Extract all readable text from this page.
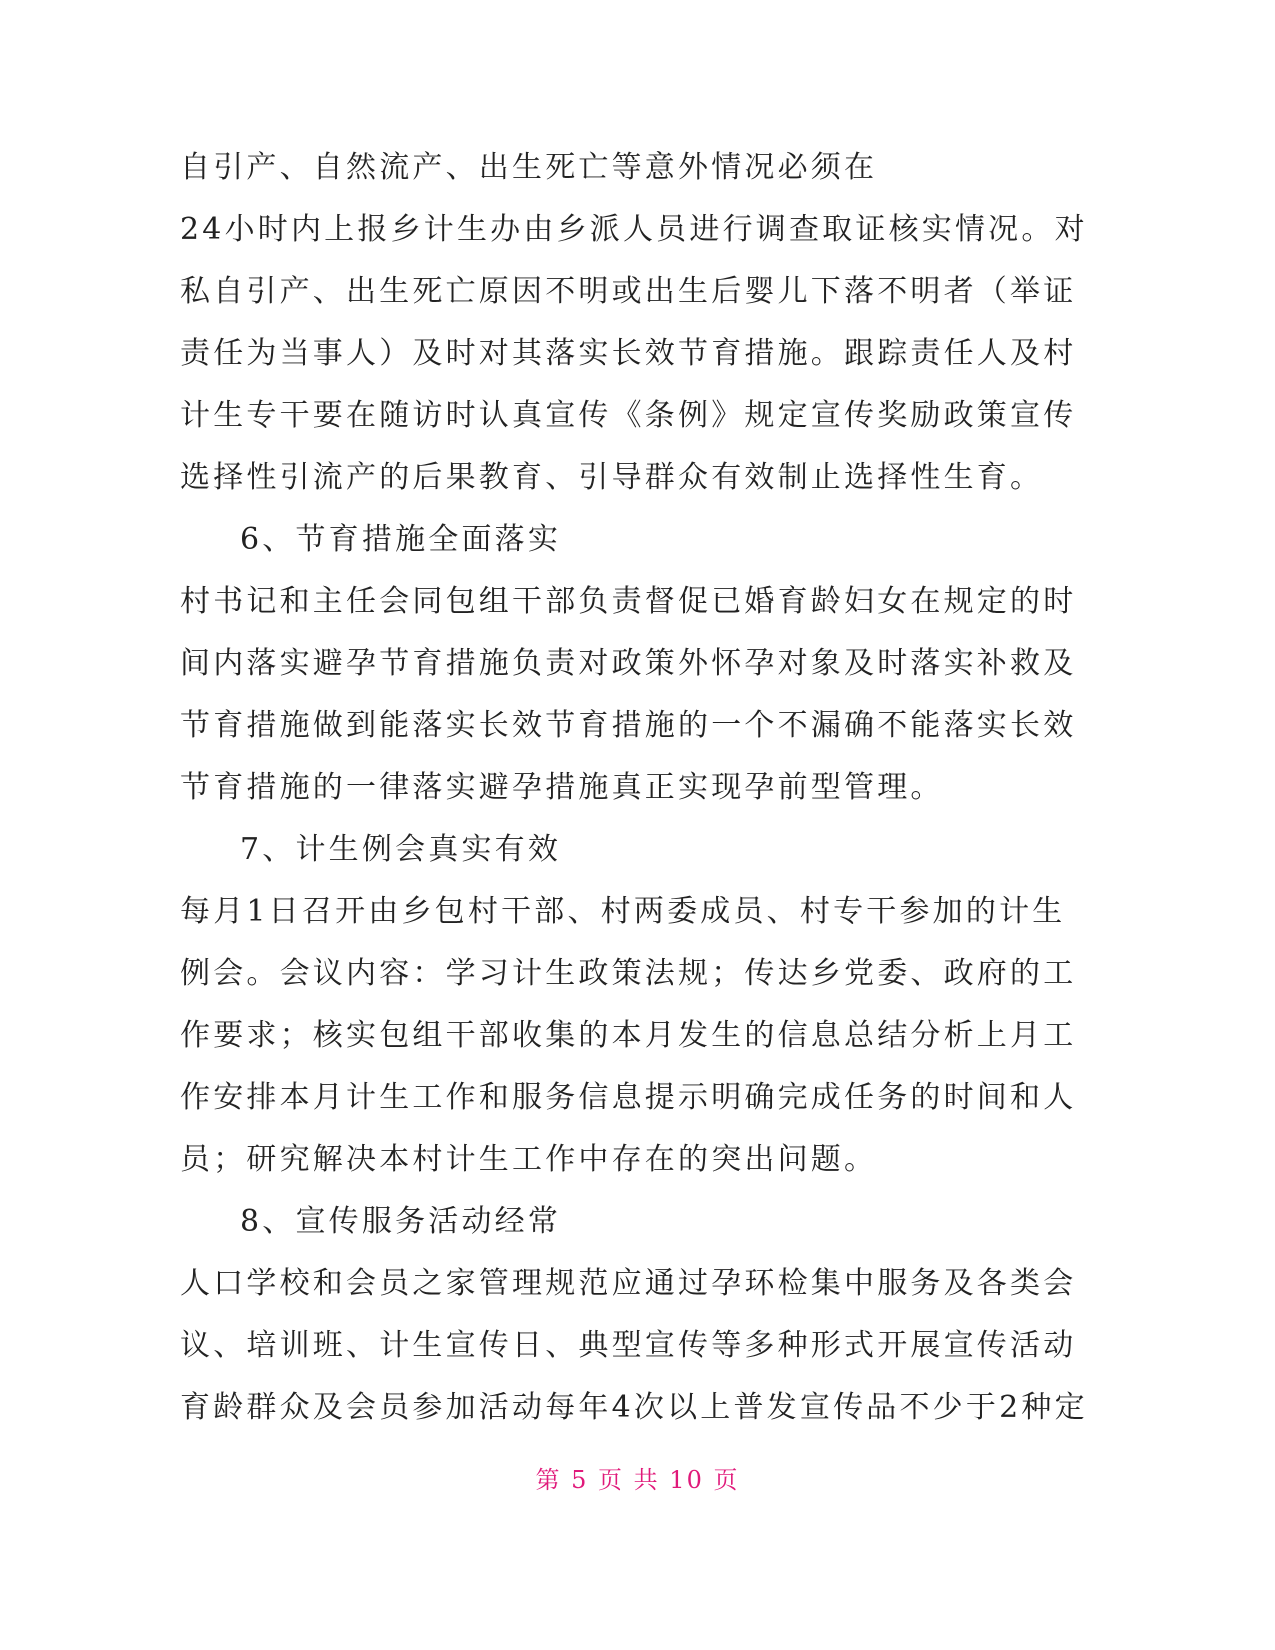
自引产、自然流产、出生死亡等意外情况必须在
24小时内上报乡计生办由乡派人员进行调查取证核实情况。对
私自引产、出生死亡原因不明或出生后婴儿下落不明者（举证
责任为当事人）及时对其落实长效节育措施。跟踪责任人及村
计生专干要在随访时认真宣传《条例》规定宣传奖励政策宣传
选择性引流产的后果教育、引导群众有效制止选择性生育。
6、节育措施全面落实
村书记和主任会同包组干部负责督促已婚育龄妇女在规定的时
间内落实避孕节育措施负责对政策外怀孕对象及时落实补救及
节育措施做到能落实长效节育措施的一个不漏确不能落实长效
节育措施的一律落实避孕措施真正实现孕前型管理。
7、计生例会真实有效
每月1日召开由乡包村干部、村两委成员、村专干参加的计生
例会。会议内容：学习计生政策法规；传达乡党委、政府的工
作要求；核实包组干部收集的本月发生的信息总结分析上月工
作安排本月计生工作和服务信息提示明确完成任务的时间和人
员；研究解决本村计生工作中存在的突出问题。
8、宣传服务活动经常
人口学校和会员之家管理规范应通过孕环检集中服务及各类会
议、培训班、计生宣传日、典型宣传等多种形式开展宣传活动
育龄群众及会员参加活动每年4次以上普发宣传品不少于2种定
第 5 页 共 10 页
